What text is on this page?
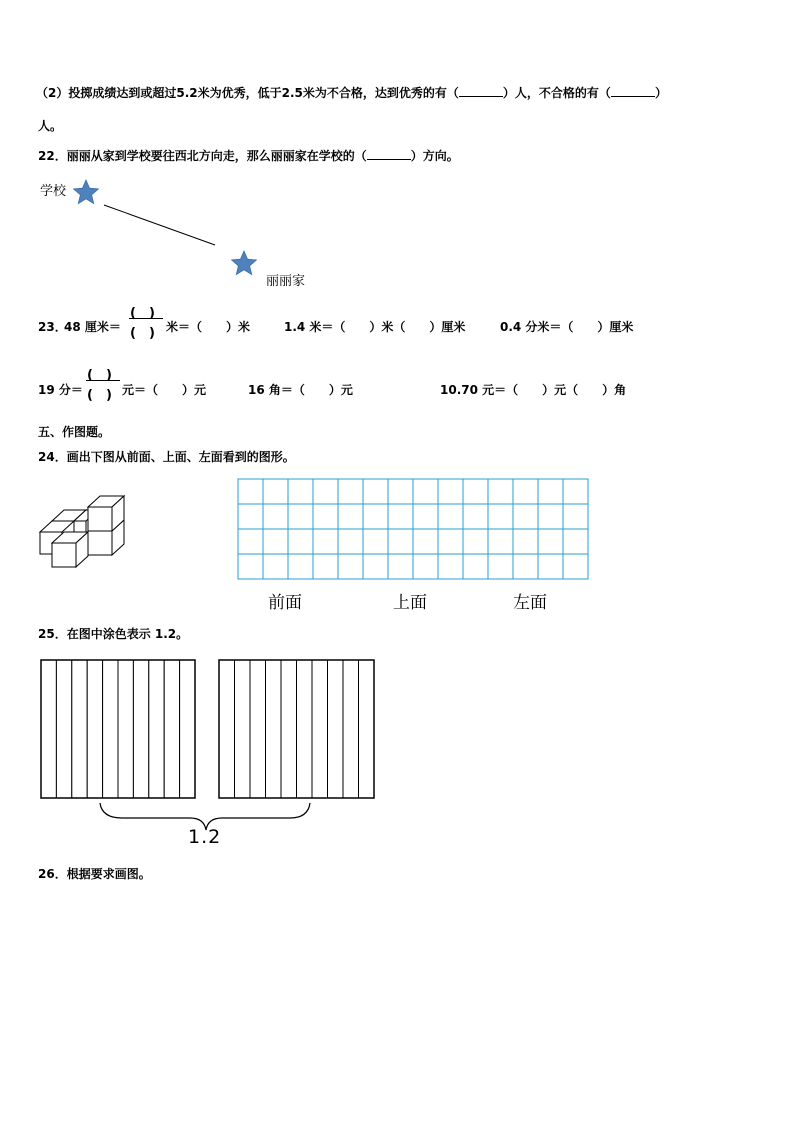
（2）投掷成绩达到或超过5.2米为优秀，低于2.5米为不合格，达到优秀的有（	）人，不合格的有（	）
人。
22．丽丽从家到学校要往西北方向走，那么丽丽家在学校的（	）方向。
学校
丽丽家
23．
48 厘米＝
(　)
(　) 米＝（　　）米	1.4 米＝（　　）米（　　）厘米	0.4 分米＝（　　）厘米
19 分＝
(　)
(　) 元＝（　　）元	16 角＝（　　）元	10.70 元＝（　　）元（　　）角
五、作图题。
24．画出下图从前面、上面、左面看到的图形。
前面	上面	左面
25．在图中涂色表示 1.2。
1.2
26．根据要求画图。
